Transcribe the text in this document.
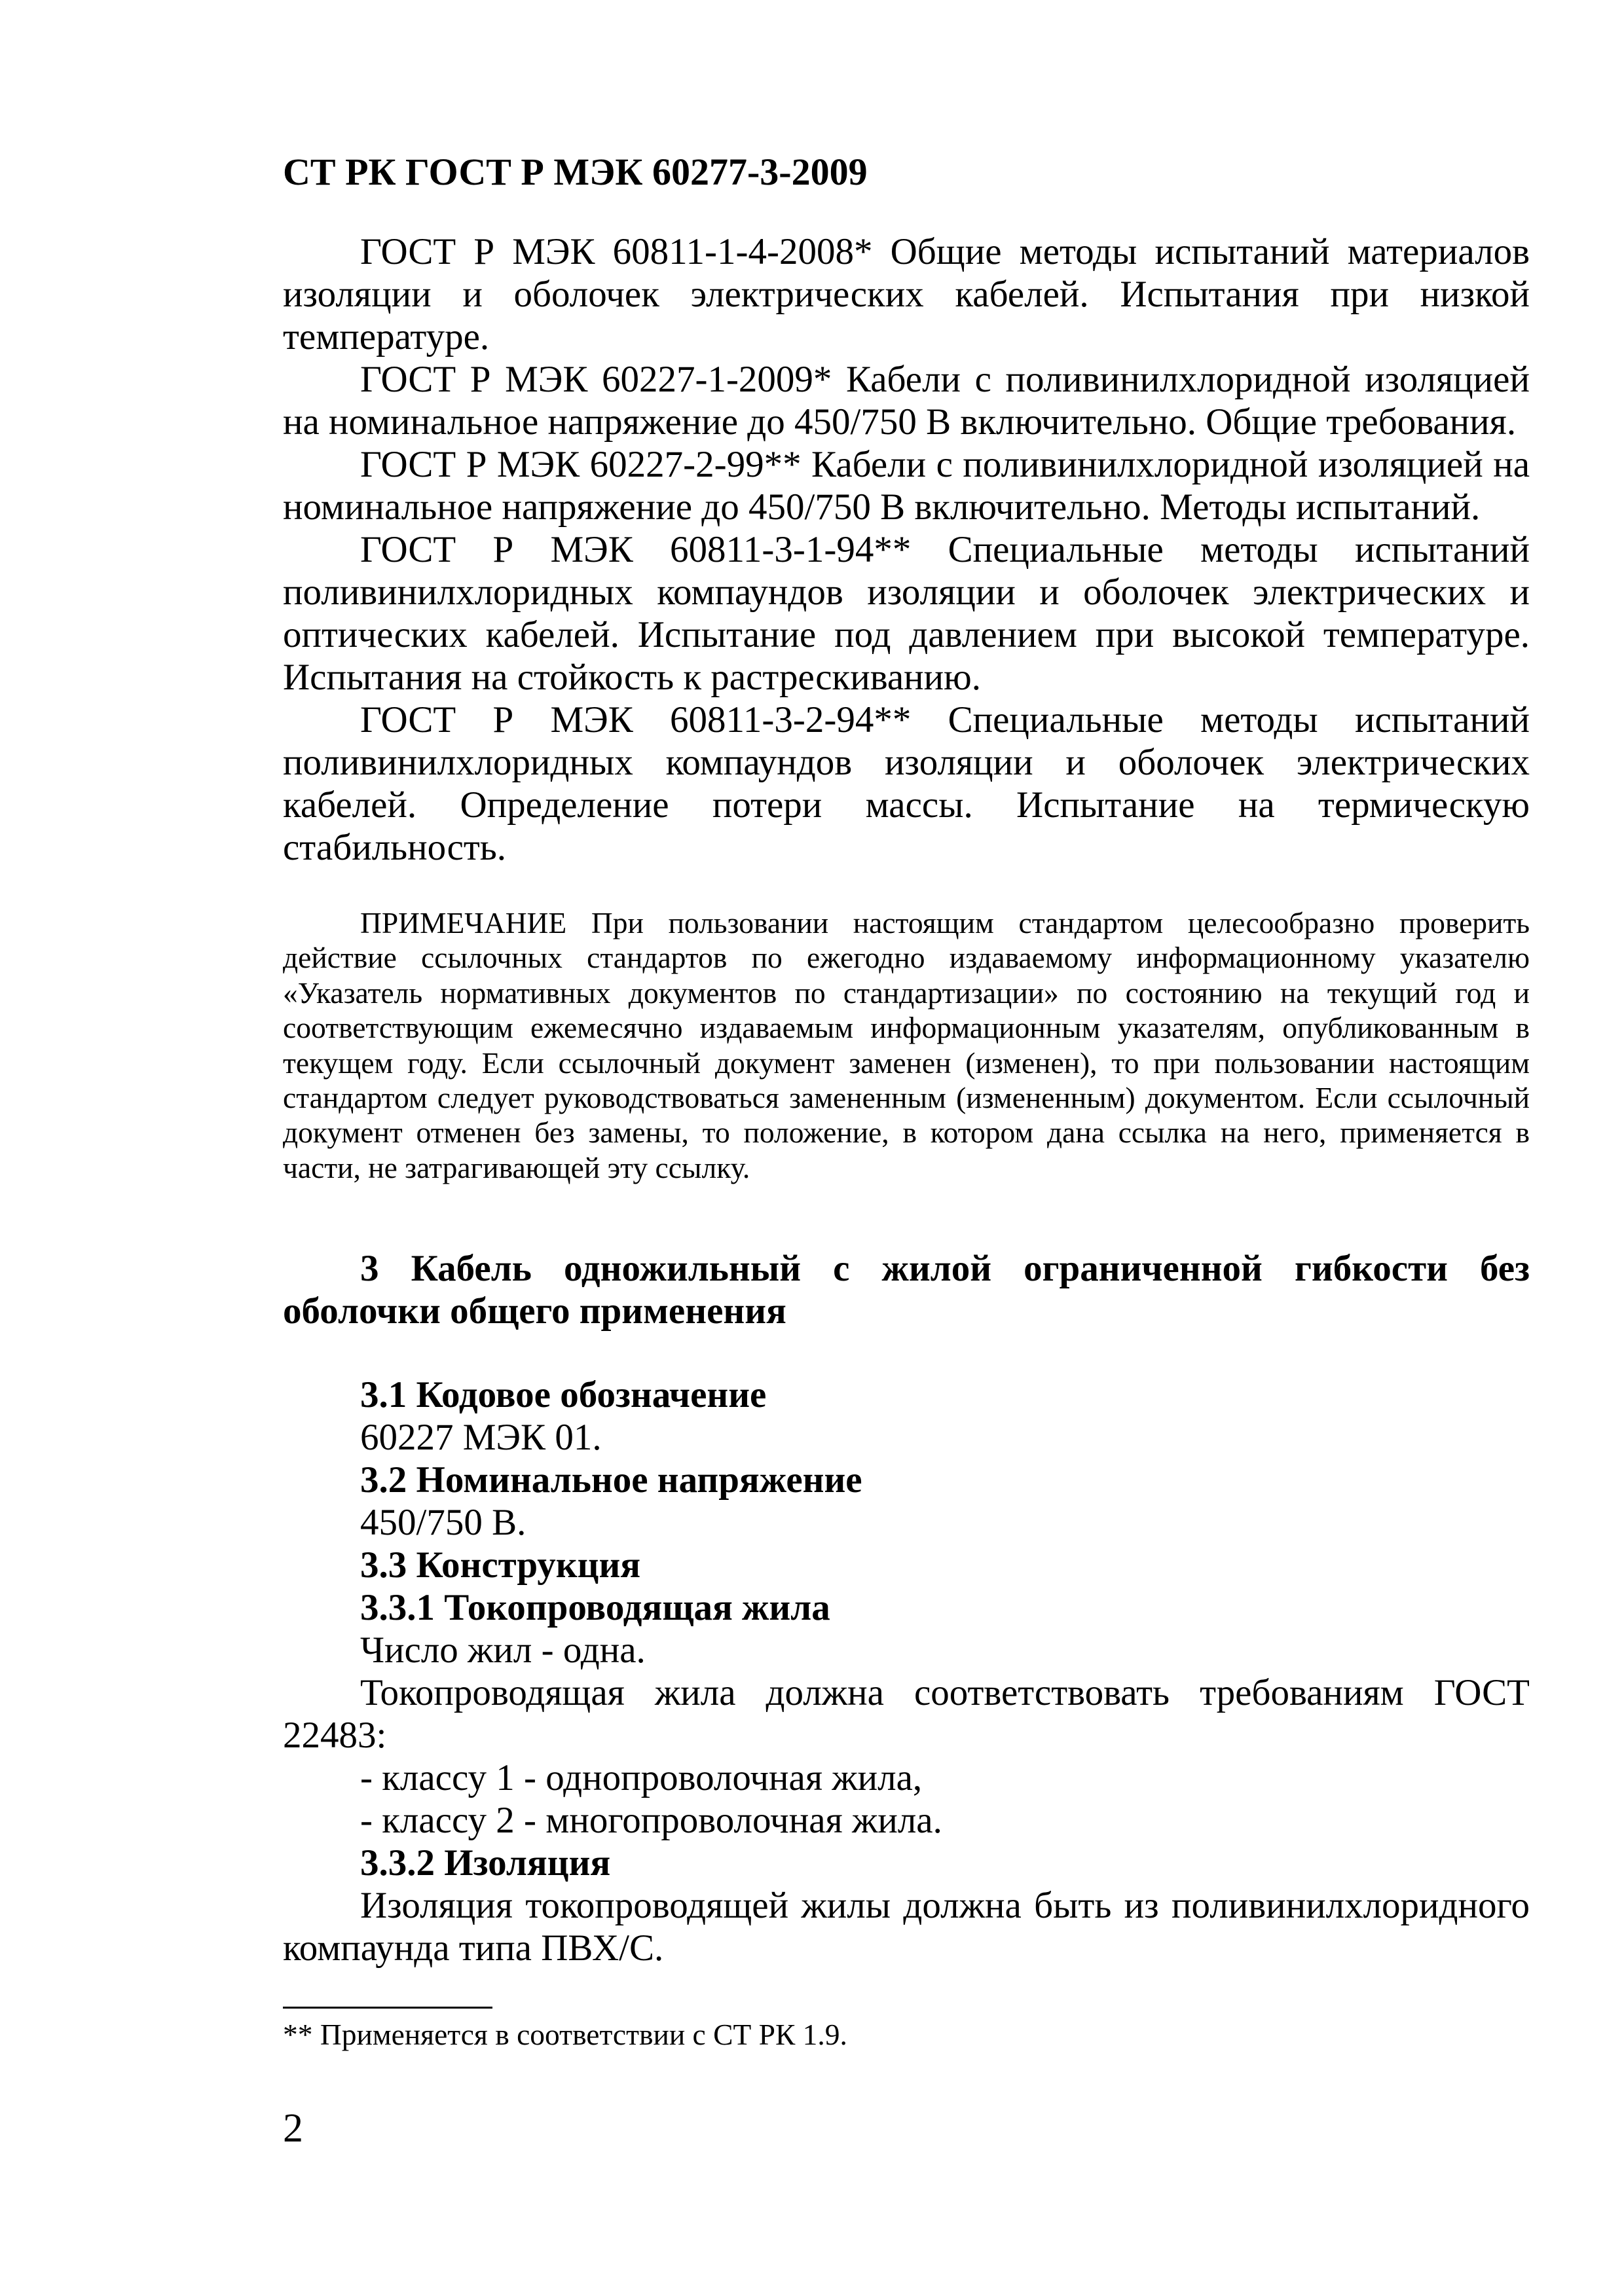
СТ РК ГОСТ Р МЭК 60277-3-2009

ГОСТ Р МЭК 60811-1-4-2008* Общие методы испытаний материалов изоляции и оболочек электрических кабелей. Испытания при низкой температуре.

ГОСТ Р МЭК 60227-1-2009* Кабели с поливинилхлоридной изоляцией на номинальное напряжение до 450/750 В включительно. Общие требования.

ГОСТ Р МЭК 60227-2-99** Кабели с поливинилхлоридной изоляцией на номинальное напряжение до 450/750 В включительно. Методы испытаний.

ГОСТ Р МЭК 60811-3-1-94** Специальные методы испытаний поливинилхлоридных компаундов изоляции и оболочек электрических и оптических кабелей. Испытание под давлением при высокой температуре. Испытания на стойкость к растрескиванию.

ГОСТ Р МЭК 60811-3-2-94** Специальные методы испытаний поливинилхлоридных компаундов изоляции и оболочек электрических кабелей. Определение потери массы. Испытание на термическую стабильность.

ПРИМЕЧАНИЕ При пользовании настоящим стандартом целесообразно проверить действие ссылочных стандартов по ежегодно издаваемому информационному указателю «Указатель нормативных документов по стандартизации» по состоянию на текущий год и соответствующим ежемесячно издаваемым информационным указателям, опубликованным в текущем году. Если ссылочный документ заменен (изменен), то при пользовании настоящим стандартом следует руководствоваться замененным (измененным) документом. Если ссылочный документ отменен без замены, то положение, в котором дана ссылка на него, применяется в части, не затрагивающей эту ссылку.

3 Кабель одножильный с жилой ограниченной гибкости без оболочки общего применения

3.1 Кодовое обозначение

60227 МЭК 01.

3.2 Номинальное напряжение

450/750 В.

3.3 Конструкция

3.3.1 Токопроводящая жила

Число жил - одна.

Токопроводящая жила должна соответствовать требованиям ГОСТ 22483:

- классу 1 - однопроволочная жила,

- классу 2 - многопроволочная жила.

3.3.2 Изоляция

Изоляция токопроводящей жилы должна быть из поливинилхлоридного компаунда типа ПВХ/С.

** Применяется в соответствии с СТ РК 1.9.
2
